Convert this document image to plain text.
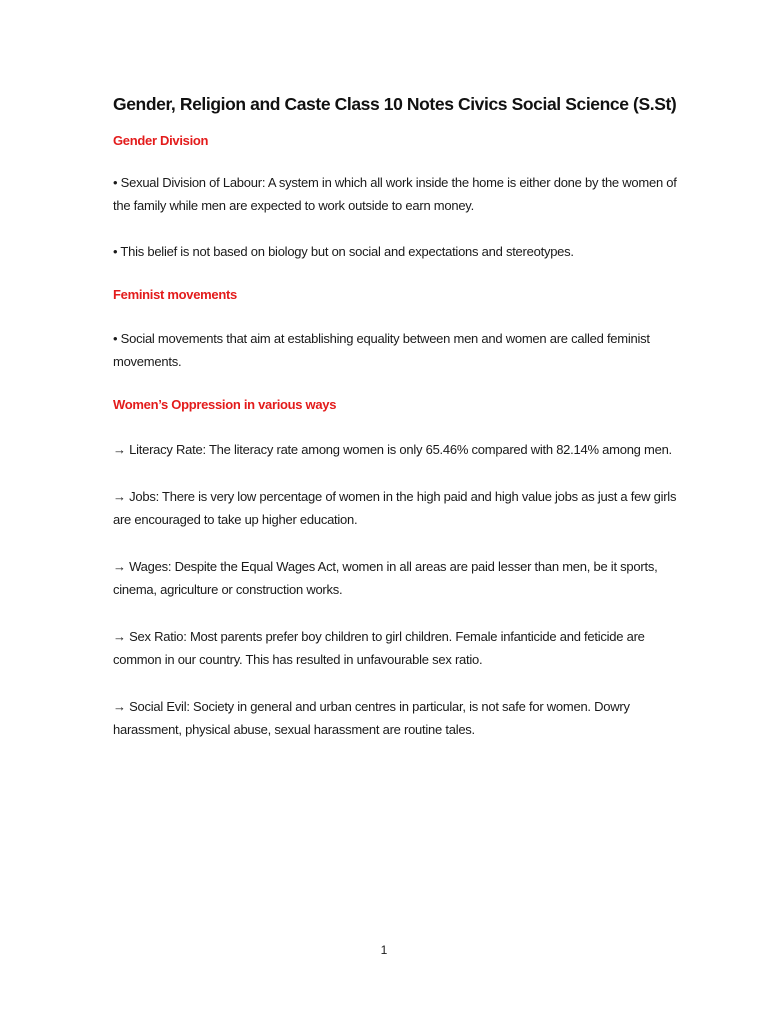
Gender, Religion and Caste Class 10 Notes Civics Social Science (S.St)
Gender Division

• Sexual Division of Labour: A system in which all work inside the home is either done by the women of the family while men are expected to work outside to earn money.

• This belief is not based on biology but on social and expectations and stereotypes.

Feminist movements

• Social movements that aim at establishing equality between men and women are called feminist movements.

Women’s Oppression in various ways

→ Literacy Rate: The literacy rate among women is only 65.46% compared with 82.14% among men.

→ Jobs: There is very low percentage of women in the high paid and high value jobs as just a few girls are encouraged to take up higher education.

→ Wages: Despite the Equal Wages Act, women in all areas are paid lesser than men, be it sports, cinema, agriculture or construction works.

→ Sex Ratio: Most parents prefer boy children to girl children. Female infanticide and feticide are common in our country. This has resulted in unfavourable sex ratio.

→ Social Evil: Society in general and urban centres in particular, is not safe for women. Dowry harassment, physical abuse, sexual harassment are routine tales.

1
